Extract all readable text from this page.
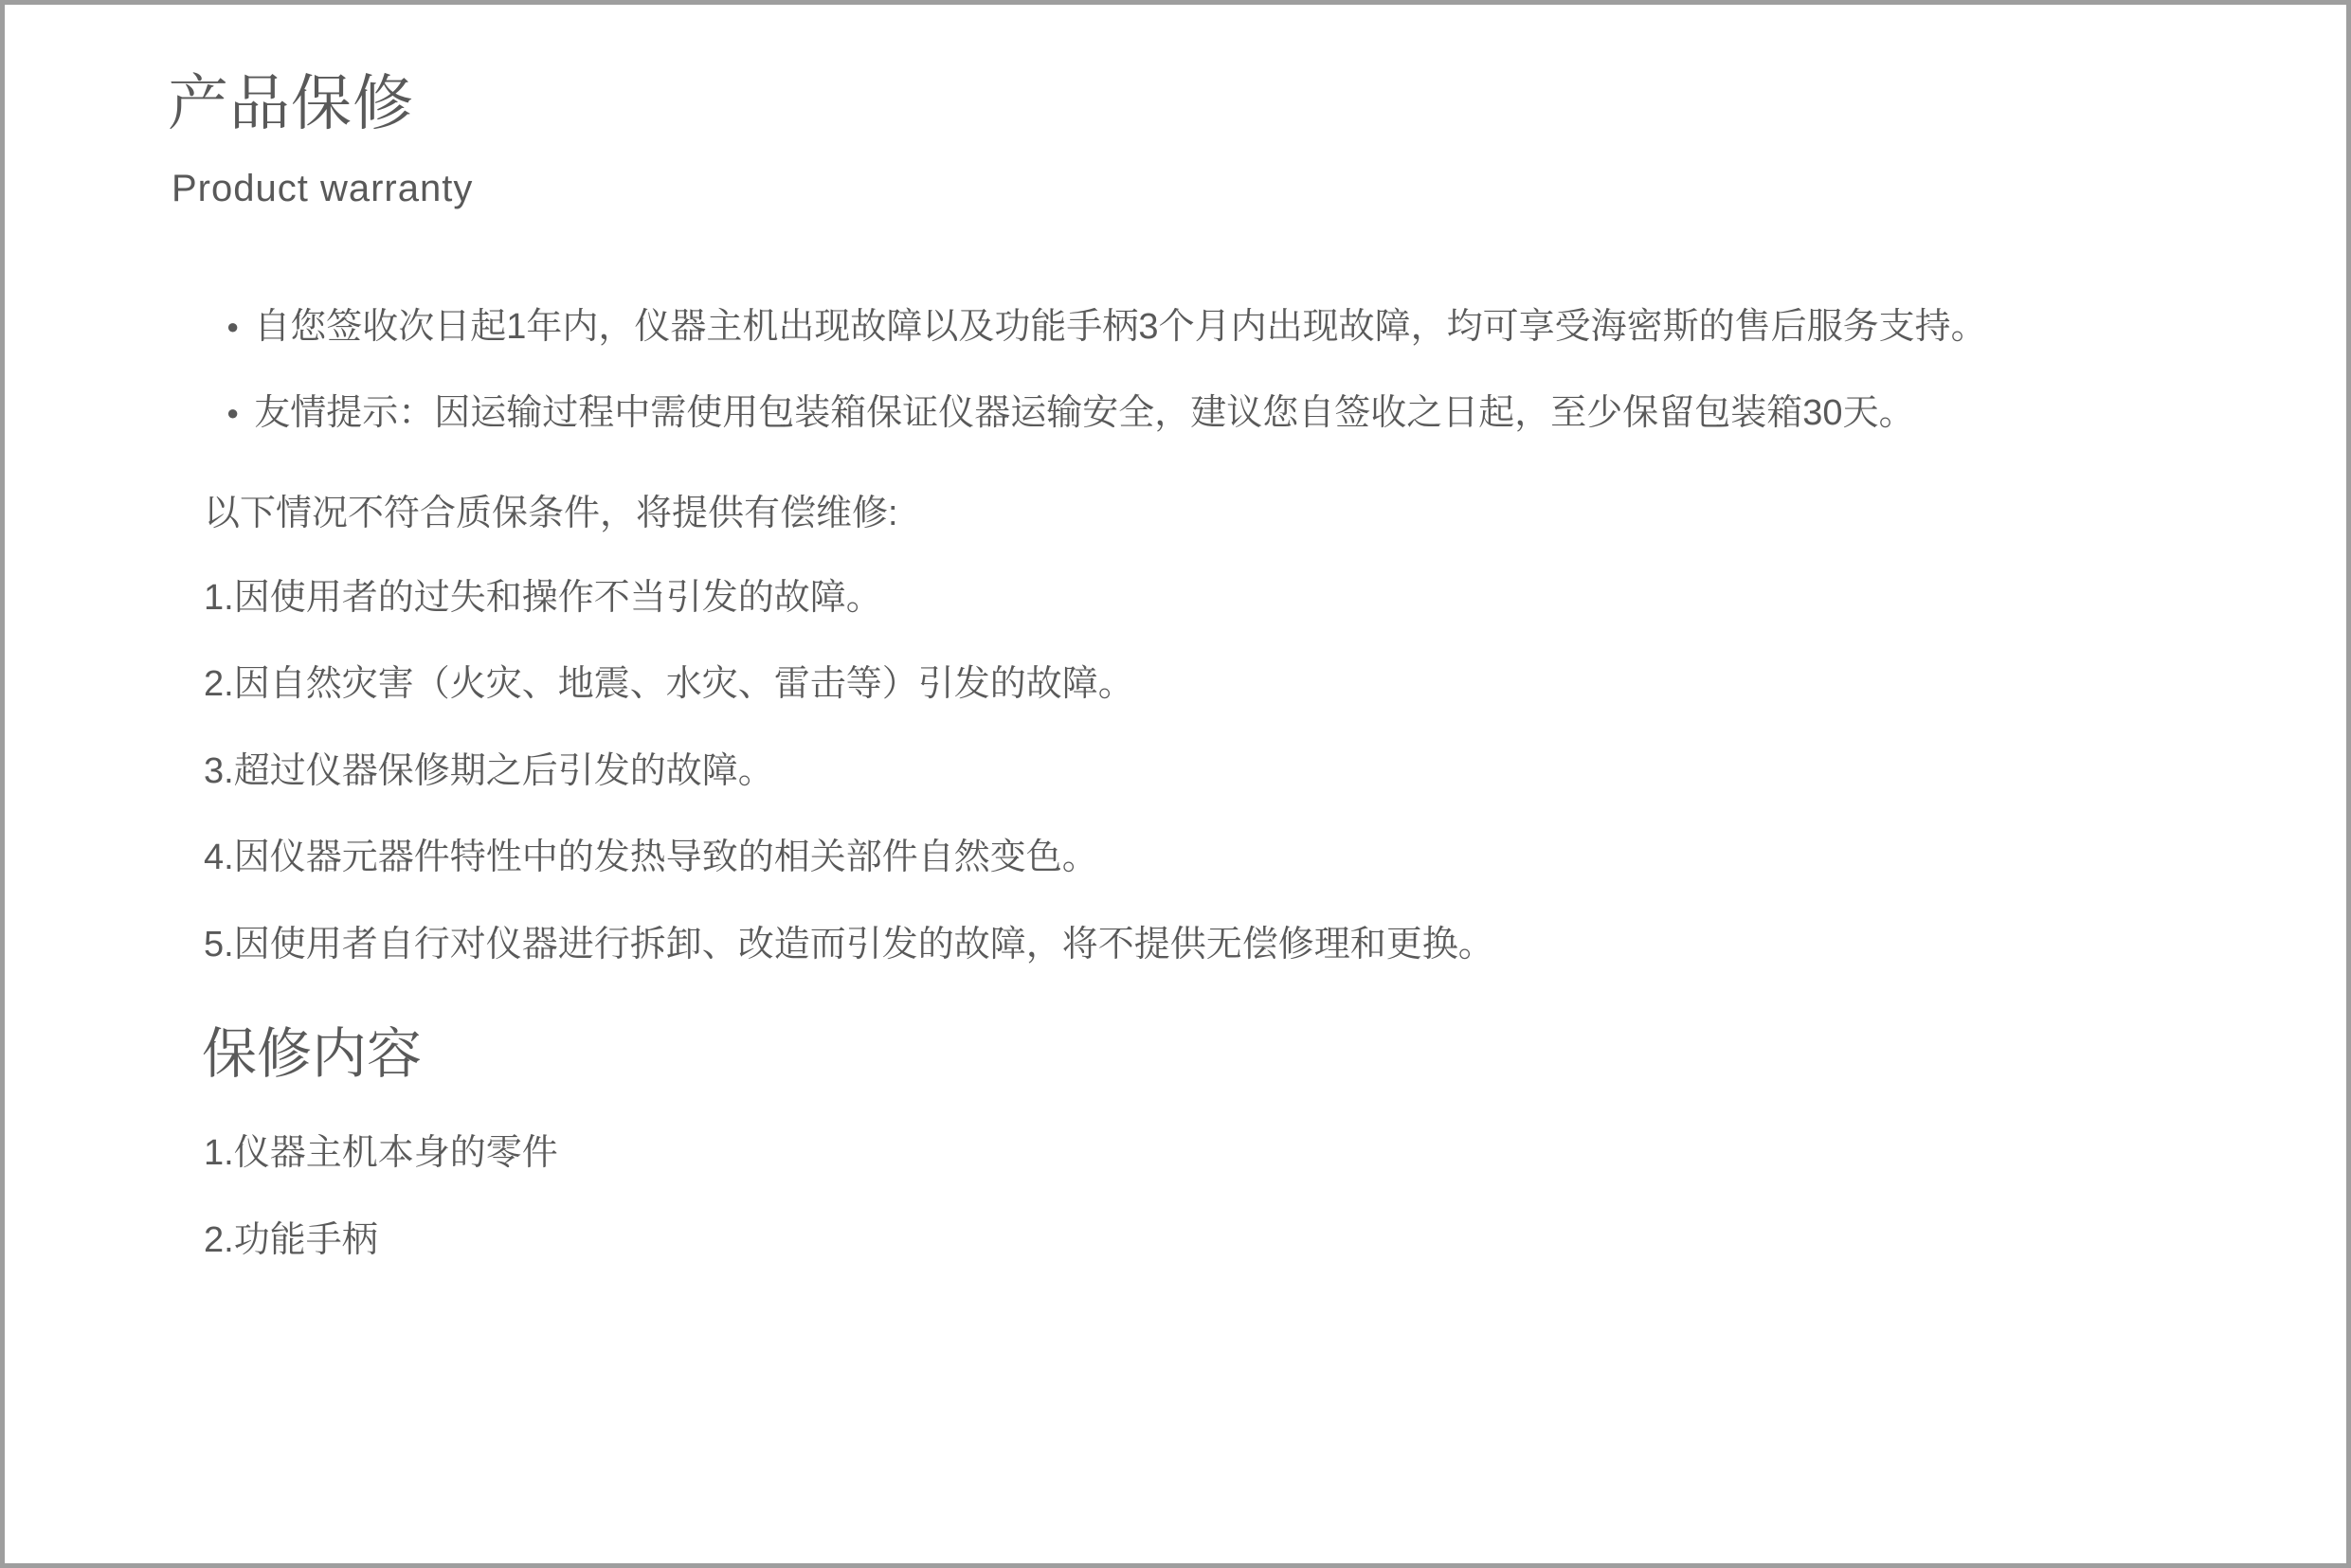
产品保修
Product warranty
● 自您签收次日起1年内，仪器主机出现故障以及功能手柄3个月内出现故障，均可享受海密斯的售后服务支持。
● 友情提示：因运输过程中需使用包装箱保证仪器运输安全，建议您自签收之日起，至少保留包装箱30天。
以下情况不符合质保条件，将提供有偿维修:
1.因使用者的过失和操作不当引发的故障。
2.因自然灾害（火灾、地震、水灾、雷击等）引发的故障。
3.超过仪器保修期之后引发的故障。
4.因仪器元器件特性中的发热导致的相关部件自然变色。
5.因使用者自行对仪器进行拆卸、改造而引发的故障，将不提供无偿修理和更换。
保修内容
1.仪器主机本身的零件
2.功能手柄
